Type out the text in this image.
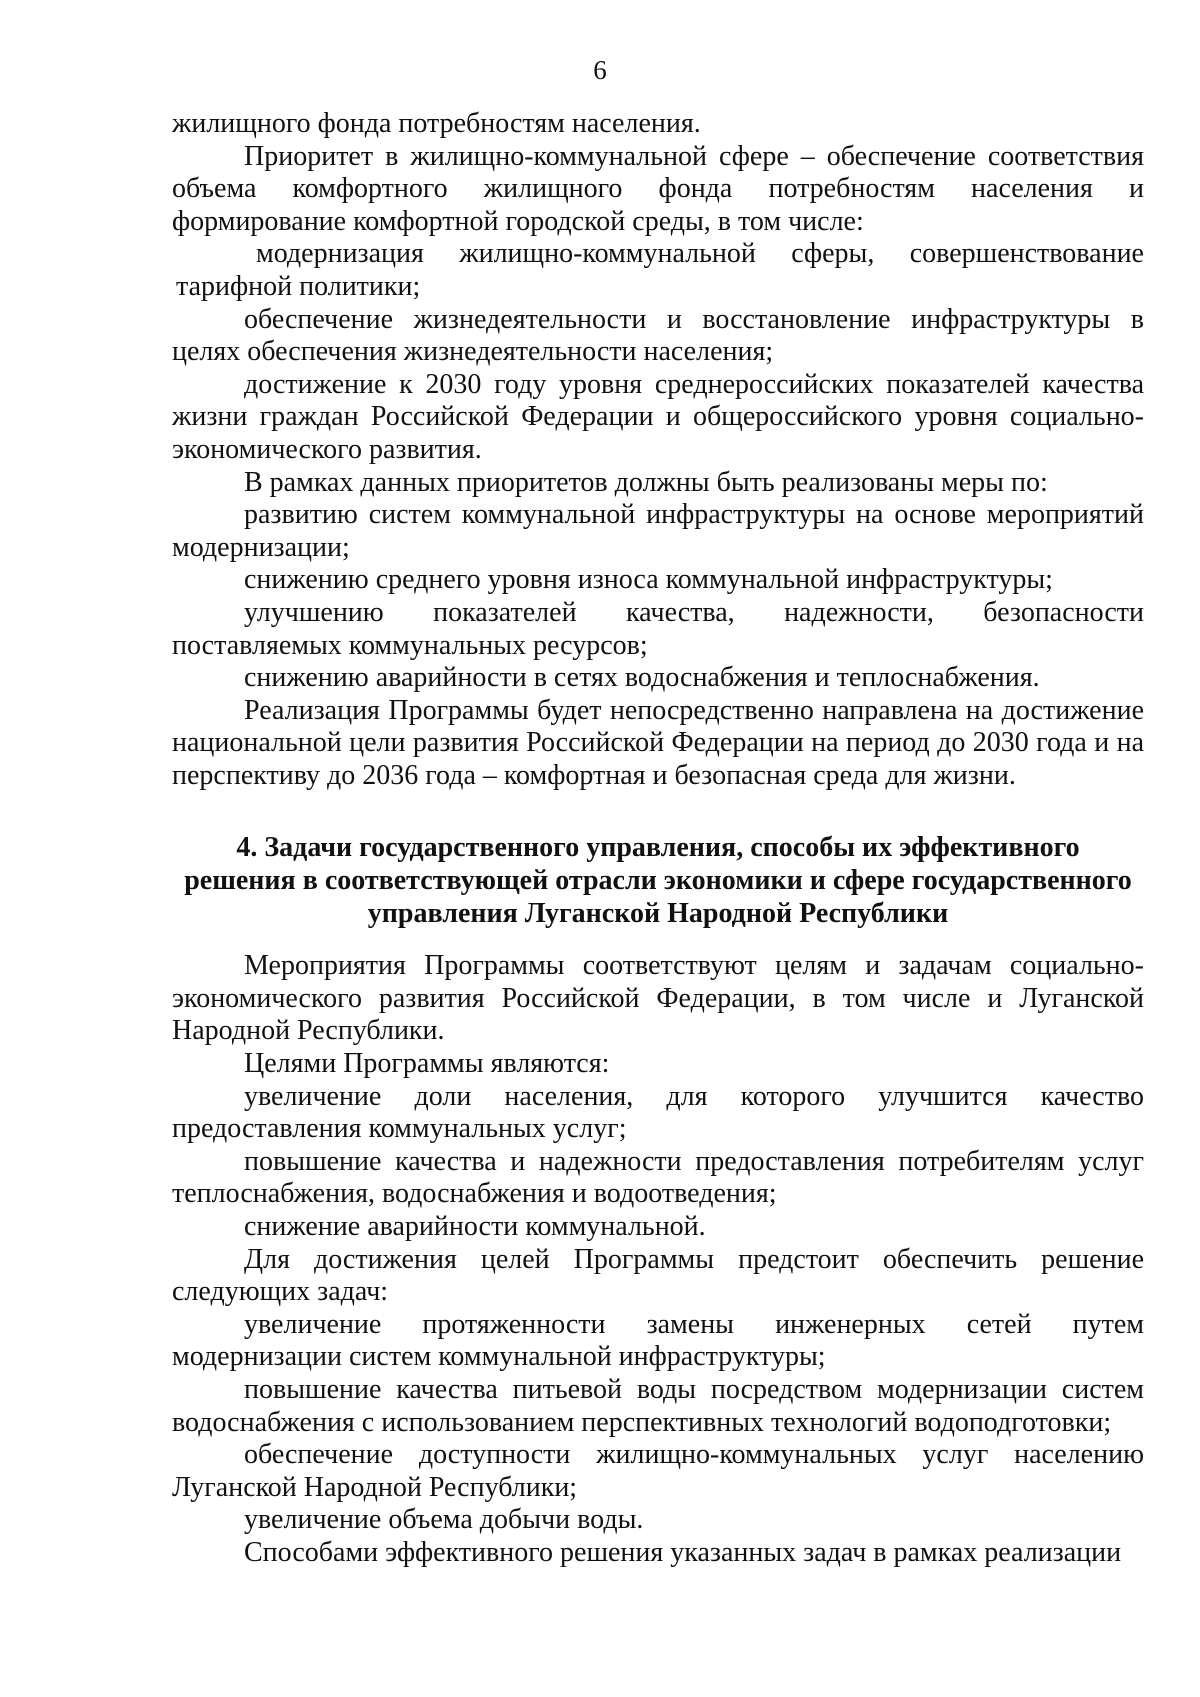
6

жилищного фонда потребностям населения.

Приоритет в жилищно-коммунальной сфере – обеспечение соответствия объема комфортного жилищного фонда потребностям населения и формирование комфортной городской среды, в том числе:

модернизация жилищно-коммунальной сферы, совершенствование тарифной политики;

обеспечение жизнедеятельности и восстановление инфраструктуры в целях обеспечения жизнедеятельности населения;

достижение к 2030 году уровня среднероссийских показателей качества жизни граждан Российской Федерации и общероссийского уровня социально-экономического развития.

В рамках данных приоритетов должны быть реализованы меры по:

развитию систем коммунальной инфраструктуры на основе мероприятий модернизации;

снижению среднего уровня износа коммунальной инфраструктуры;

улучшению показателей качества, надежности, безопасности поставляемых коммунальных ресурсов;

снижению аварийности в сетях водоснабжения и теплоснабжения.

Реализация Программы будет непосредственно направлена на достижение национальной цели развития Российской Федерации на период до 2030 года и на перспективу до 2036 года – комфортная и безопасная среда для жизни.

4. Задачи государственного управления, способы их эффективного
решения в соответствующей отрасли экономики и сфере государственного
управления Луганской Народной Республики

Мероприятия Программы соответствуют целям и задачам социально-экономического развития Российской Федерации, в том числе и Луганской Народной Республики.

Целями Программы являются:

увеличение доли населения, для которого улучшится качество предоставления коммунальных услуг;

повышение качества и надежности предоставления потребителям услуг теплоснабжения, водоснабжения и водоотведения;

снижение аварийности коммунальной.

Для достижения целей Программы предстоит обеспечить решение следующих задач:

увеличение протяженности замены инженерных сетей путем модернизации систем коммунальной инфраструктуры;

повышение качества питьевой воды посредством модернизации систем водоснабжения с использованием перспективных технологий водоподготовки;

обеспечение доступности жилищно-коммунальных услуг населению Луганской Народной Республики;

увеличение объема добычи воды.

Способами эффективного решения указанных задач в рамках реализации
